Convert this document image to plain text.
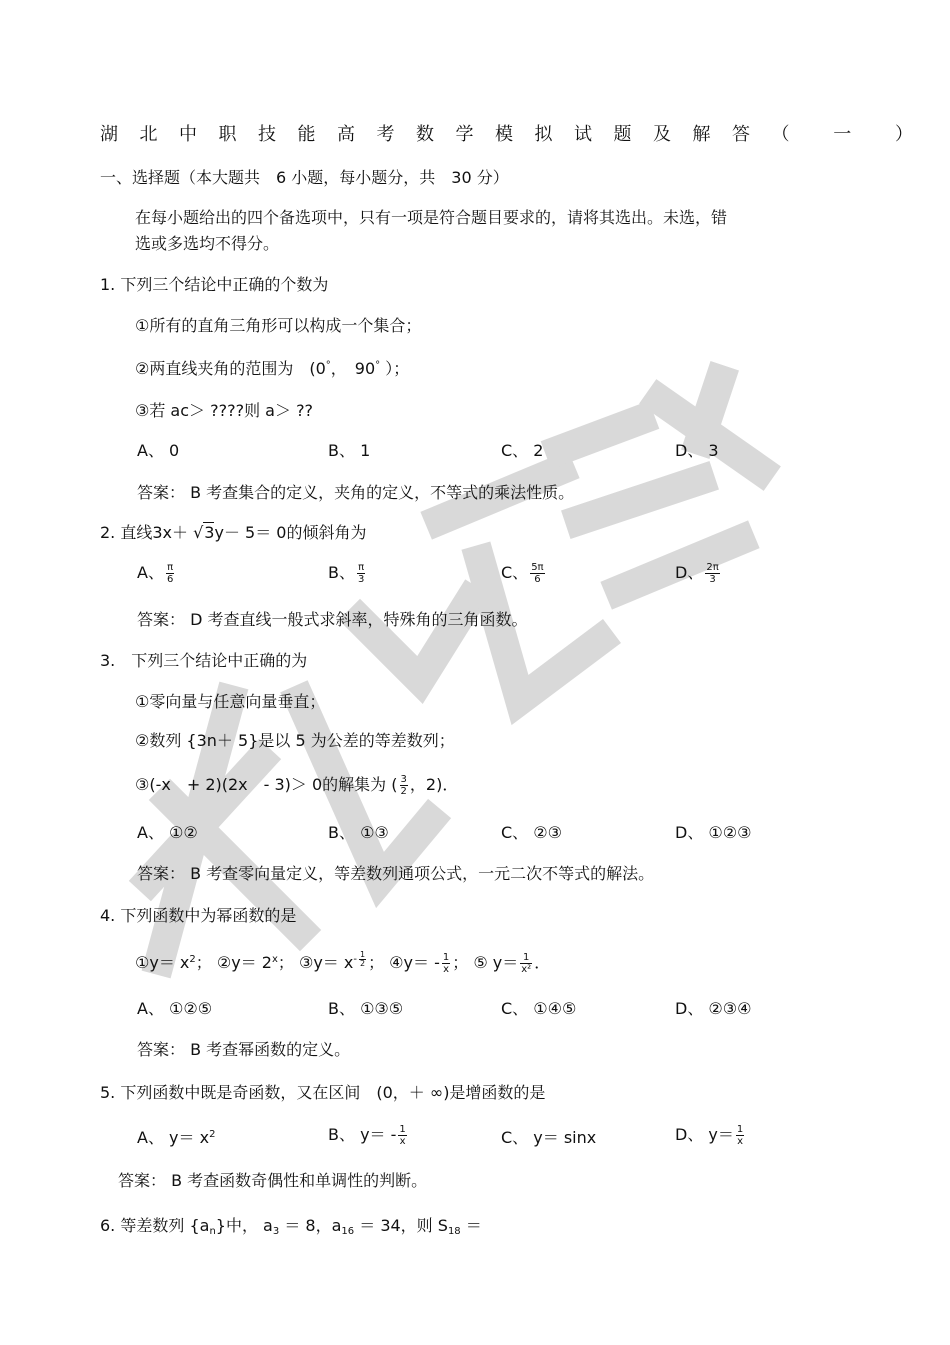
湖北中职技能高考数学模拟试题及解答（ 一 ）
一、选择题（本大题共　6 小题，每小题分，共　30 分）
在每小题给出的四个备选项中，只有一项是符合题目要求的，请将其选出。未选，错
选或多选均不得分。
1. 下列三个结论中正确的个数为
①所有的直角三角形可以构成一个集合；
②两直线夹角的范围为　(0°，　90° ）；
③若 ac＞ ????则 a＞ ??
A、 0	B、 1	C、 2	D、 3
答案： B 考查集合的定义，夹角的定义，不等式的乘法性质。
2. 直线3x＋ √3y－ 5＝ 0的倾斜角为
A、 $\frac{\pi}{6}$	B、 $\frac{\pi}{3}$	C、 $\frac{5\pi}{6}$	D、 $\frac{2\pi}{3}$
答案： D 考查直线一般式求斜率，特殊角的三角函数。
3.　下列三个结论中正确的为
①零向量与任意向量垂直；
②数列 {3n＋ 5}是以 5 为公差的等差数列；
③(-x　+ 2)(2x　- 3)＞ 0的解集为 ( $\frac{3}{2}$ ，2)．
A、 ①②	B、 ①③	C、 ②③	D、 ①②③
答案： B 考查零向量定义，等差数列通项公式，一元二次不等式的解法。
4. 下列函数中为幂函数的是
①y＝ $x^2$； ②y＝ $2^x$； ③y＝ $x^{- \frac{1}{2}}$ ； ④y＝ - $\frac{1}{x}$ ； ⑤ $y= \frac{1}{\text{x²}}$ ．
A、 ①②⑤	B、 ①③⑤	C、 ①④⑤	D、 ②③④
答案： B 考查幂函数的定义。
5. 下列函数中既是奇函数，又在区间　(0，＋ ∞)是增函数的是
A、 $y= x^2$	B、 $y= - \frac{1}{x}$	C、 y＝ sinx	D、 $y= \frac{1}{x}$
答案： B 考查函数奇偶性和单调性的判断。
6. 等差数列 $\{a_n\}$中， $a_3 = 8$，$a_{16} = 34$，则 $S_{18}$ ＝
